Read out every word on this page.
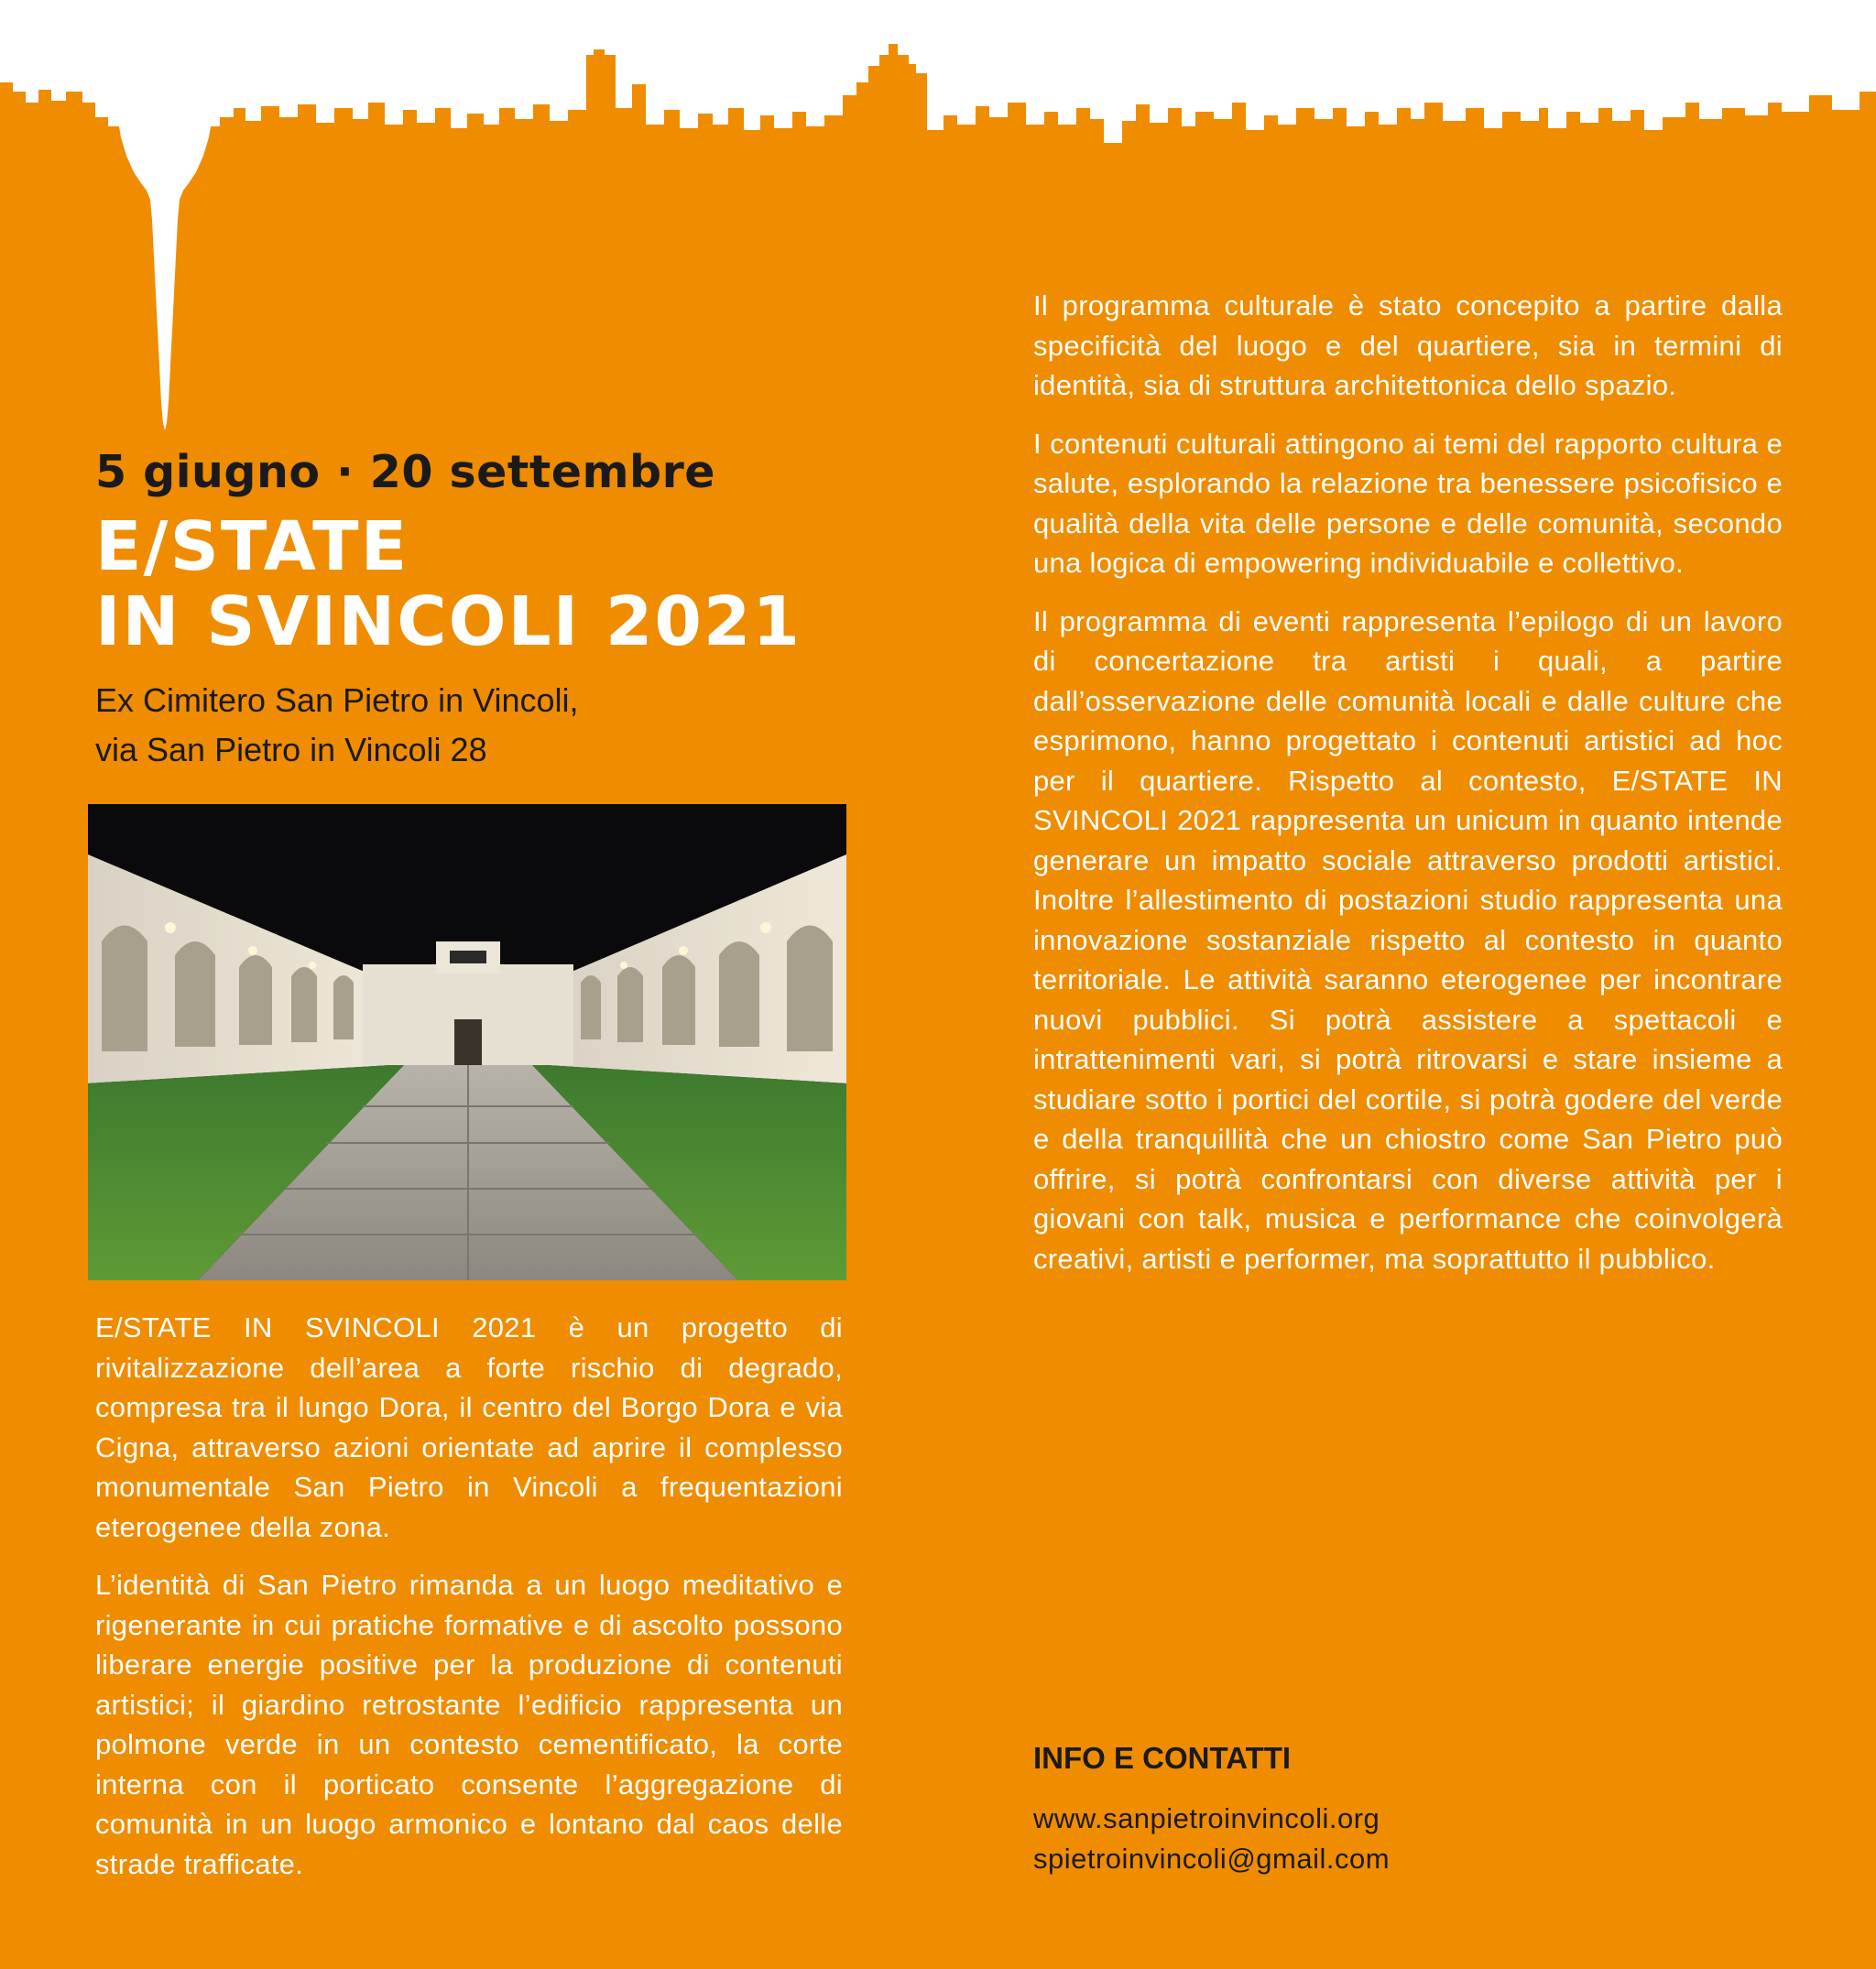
5 giugno · 20 settembre
E/STATE
IN SVINCOLI 2021

Ex Cimitero San Pietro in Vincoli,
via San Pietro in Vincoli 28

E/STATE IN SVINCOLI 2021 è un progetto di rivitalizzazione dell’area a forte rischio di degrado, compresa tra il lungo Dora, il centro del Borgo Dora e via Cigna, attraverso azioni orientate ad aprire il complesso monumentale San Pietro in Vincoli a frequentazioni eterogenee della zona.

L’identità di San Pietro rimanda a un luogo meditativo e rigenerante in cui pratiche formative e di ascolto possono liberare energie positive per la produzione di contenuti artistici; il giardino retrostante l’edificio rappresenta un polmone verde in un contesto cementificato, la corte interna con il porticato consente l’aggregazione di comunità in un luogo armonico e lontano dal caos delle strade trafficate.

Il programma culturale è stato concepito a partire dalla specificità del luogo e del quartiere, sia in termini di identità, sia di struttura architettonica dello spazio.

I contenuti culturali attingono ai temi del rapporto cultura e salute, esplorando la relazione tra benessere psicofisico e qualità della vita delle persone e delle comunità, secondo una logica di empowering individuabile e collettivo.

Il programma di eventi rappresenta l’epilogo di un lavoro di concertazione tra artisti i quali, a partire dall’osservazione delle comunità locali e dalle culture che esprimono, hanno progettato i contenuti artistici ad hoc per il quartiere. Rispetto al contesto, E/STATE IN SVINCOLI 2021 rappresenta un unicum in quanto intende generare un impatto sociale attraverso prodotti artistici. Inoltre l’allestimento di postazioni studio rappresenta una innovazione sostanziale rispetto al contesto in quanto territoriale. Le attività saranno eterogenee per incontrare nuovi pubblici. Si potrà assistere a spettacoli e intrattenimenti vari, si potrà ritrovarsi e stare insieme a studiare sotto i portici del cortile, si potrà godere del verde e della tranquillità che un chiostro come San Pietro può offrire, si potrà confrontarsi con diverse attività per i giovani con talk, musica e performance che coinvolgerà creativi, artisti e performer, ma soprattutto il pubblico.

INFO E CONTATTI

www.sanpietroinvincoli.org

spietroinvincoli@gmail.com
